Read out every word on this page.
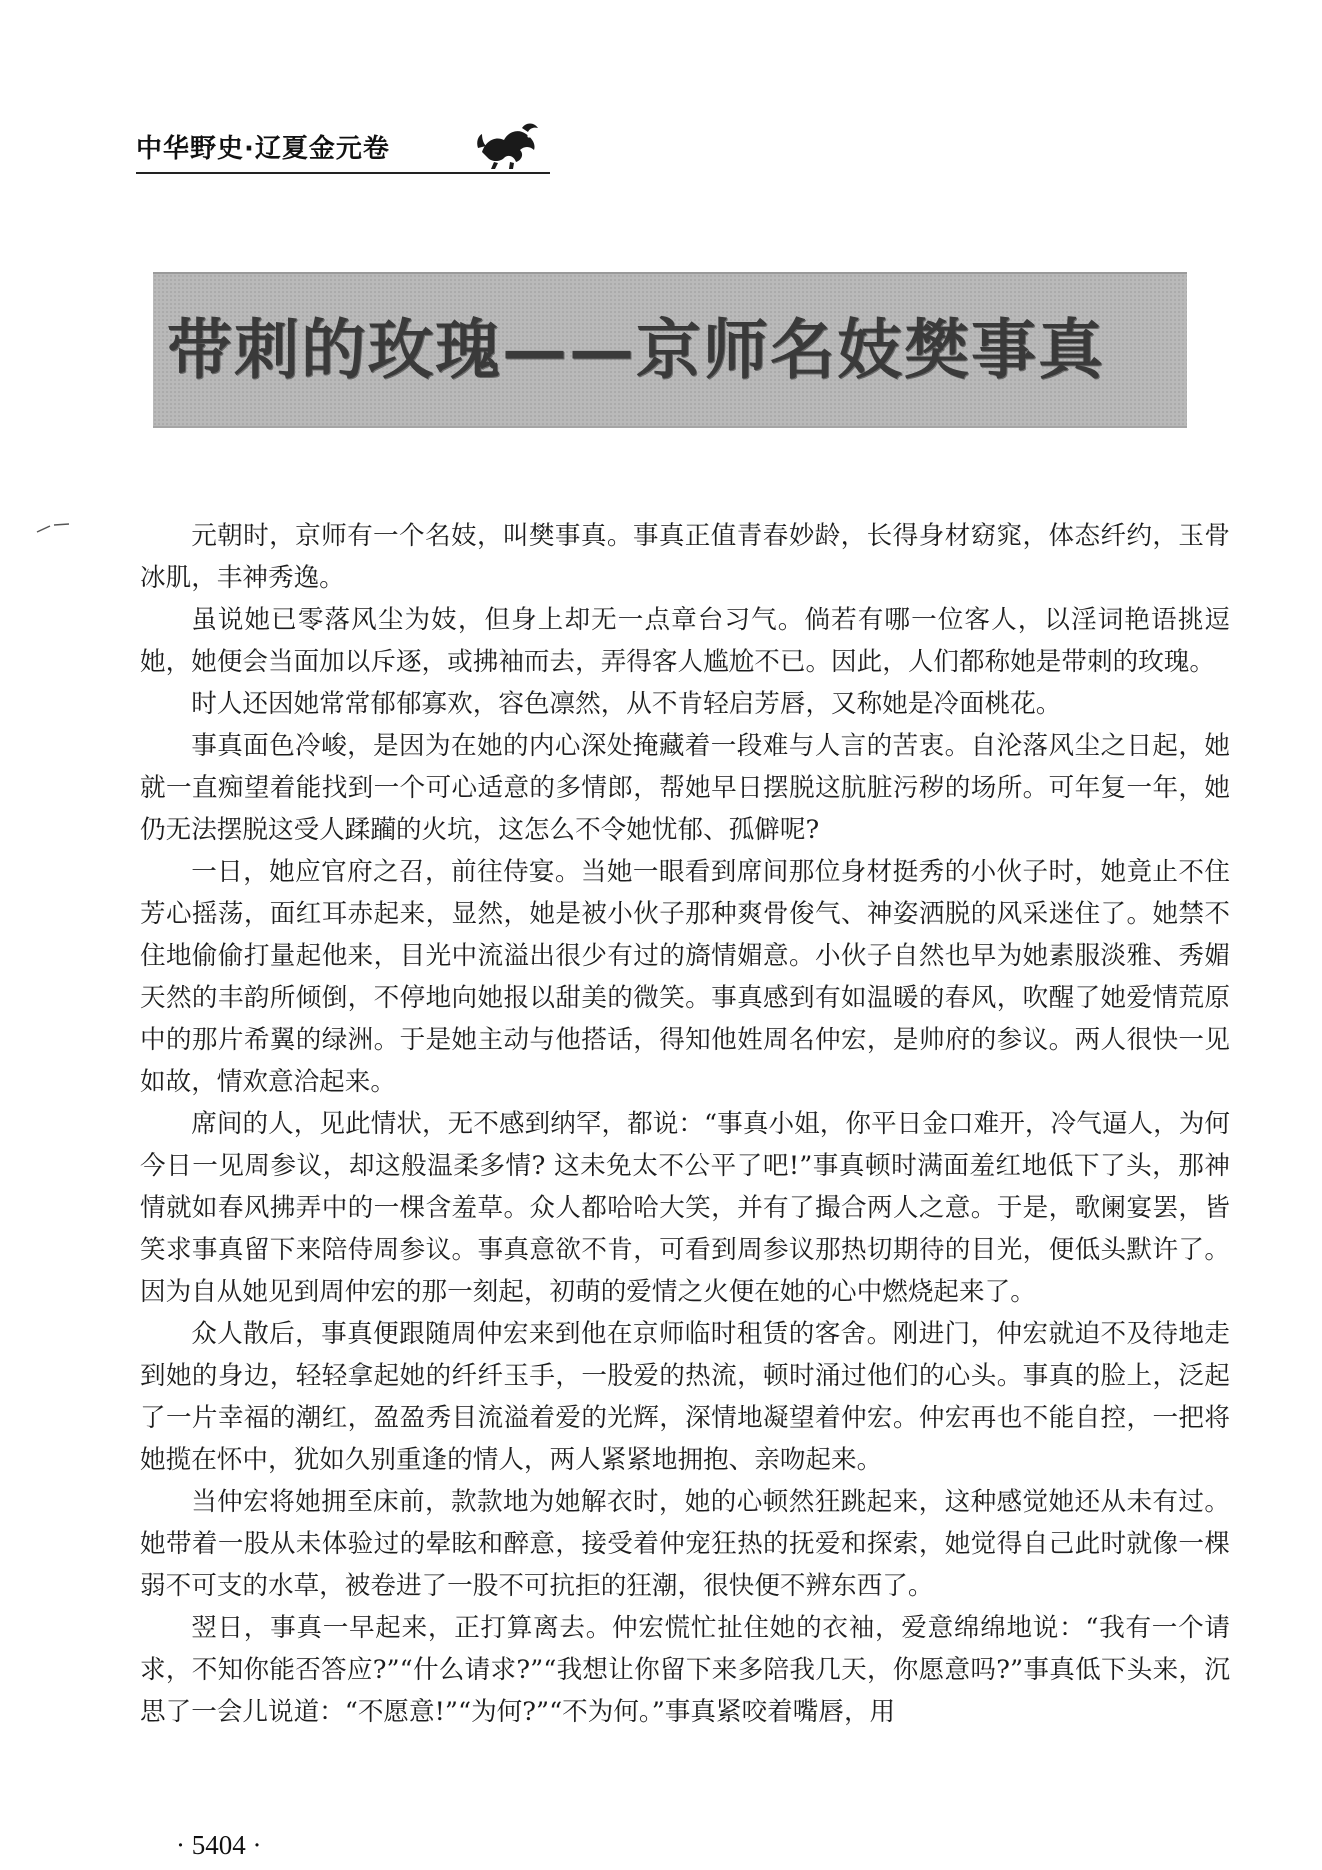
中华野史·辽夏金元卷
带刺的玫瑰——京师名妓樊事真

元朝时，京师有一个名妓，叫樊事真。事真正值青春妙龄，长得身材窈窕，体态纤约，玉骨冰肌，丰神秀逸。

虽说她已零落风尘为妓，但身上却无一点章台习气。倘若有哪一位客人，以淫词艳语挑逗她，她便会当面加以斥逐，或拂袖而去，弄得客人尴尬不已。因此，人们都称她是带刺的玫瑰。

时人还因她常常郁郁寡欢，容色凛然，从不肯轻启芳唇，又称她是冷面桃花。

事真面色冷峻，是因为在她的内心深处掩藏着一段难与人言的苦衷。自沦落风尘之日起，她就一直痴望着能找到一个可心适意的多情郎，帮她早日摆脱这肮脏污秽的场所。可年复一年，她仍无法摆脱这受人蹂躏的火坑，这怎么不令她忧郁、孤僻呢?

一日，她应官府之召，前往侍宴。当她一眼看到席间那位身材挺秀的小伙子时，她竟止不住芳心摇荡，面红耳赤起来，显然，她是被小伙子那种爽骨俊气、神姿洒脱的风采迷住了。她禁不住地偷偷打量起他来，目光中流溢出很少有过的旖情媚意。小伙子自然也早为她素服淡雅、秀媚天然的丰韵所倾倒，不停地向她报以甜美的微笑。事真感到有如温暖的春风，吹醒了她爱情荒原中的那片希翼的绿洲。于是她主动与他搭话，得知他姓周名仲宏，是帅府的参议。两人很快一见如故，情欢意洽起来。

席间的人，见此情状，无不感到纳罕，都说：“事真小姐，你平日金口难开，冷气逼人，为何今日一见周参议，却这般温柔多情? 这未免太不公平了吧!”事真顿时满面羞红地低下了头，那神情就如春风拂弄中的一棵含羞草。众人都哈哈大笑，并有了撮合两人之意。于是，歌阑宴罢，皆笑求事真留下来陪侍周参议。事真意欲不肯，可看到周参议那热切期待的目光，便低头默许了。因为自从她见到周仲宏的那一刻起，初萌的爱情之火便在她的心中燃烧起来了。

众人散后，事真便跟随周仲宏来到他在京师临时租赁的客舍。刚进门，仲宏就迫不及待地走到她的身边，轻轻拿起她的纤纤玉手，一股爱的热流，顿时涌过他们的心头。事真的脸上，泛起了一片幸福的潮红，盈盈秀目流溢着爱的光辉，深情地凝望着仲宏。仲宏再也不能自控，一把将她揽在怀中，犹如久别重逢的情人，两人紧紧地拥抱、亲吻起来。

当仲宏将她拥至床前，款款地为她解衣时，她的心顿然狂跳起来，这种感觉她还从未有过。她带着一股从未体验过的晕眩和醉意，接受着仲宠狂热的抚爱和探索，她觉得自己此时就像一棵弱不可支的水草，被卷进了一股不可抗拒的狂潮，很快便不辨东西了。

翌日，事真一早起来，正打算离去。仲宏慌忙扯住她的衣袖，爱意绵绵地说：“我有一个请求，不知你能否答应?”“什么请求?”“我想让你留下来多陪我几天，你愿意吗?”事真低下头来，沉思了一会儿说道：“不愿意!”“为何?”“不为何。”事真紧咬着嘴唇，用

· 5404 ·
